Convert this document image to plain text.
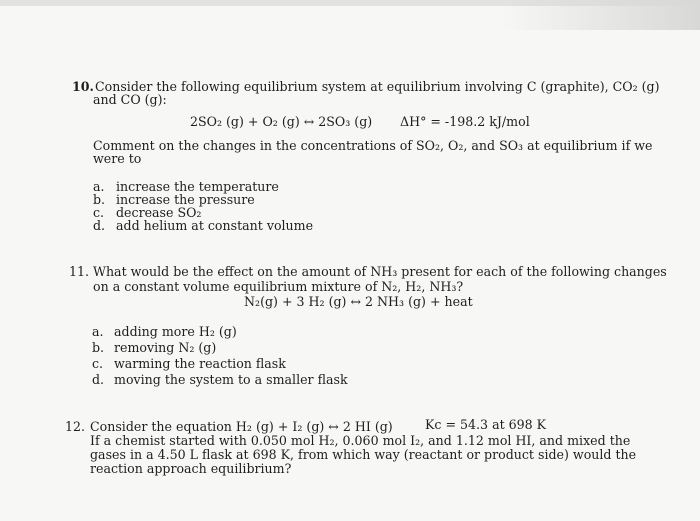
10. Consider the following equilibrium system at equilibrium involving C (graphite), CO₂ (g)
and CO (g):
2SO₂ (g) + O₂ (g) ↔ 2SO₃ (g) ΔH° = -198.2 kJ/mol
Comment on the changes in the concentrations of SO₂, O₂, and SO₃ at equilibrium if we
were to
a. increase the temperature
b. increase the pressure
c. decrease SO₂
d. add helium at constant volume
11. What would be the effect on the amount of NH₃ present for each of the following changes
on a constant volume equilibrium mixture of N₂, H₂, NH₃?
N₂(g) + 3 H₂ (g) ↔ 2 NH₃ (g) + heat
a. adding more H₂ (g)
b. removing N₂ (g)
c. warming the reaction flask
d. moving the system to a smaller flask
12. Consider the equation H₂ (g) + I₂ (g) ↔ 2 HI (g)	Kc = 54.3 at 698 K
If a chemist started with 0.050 mol H₂, 0.060 mol I₂, and 1.12 mol HI, and mixed the
gases in a 4.50 L flask at 698 K, from which way (reactant or product side) would the
reaction approach equilibrium?
